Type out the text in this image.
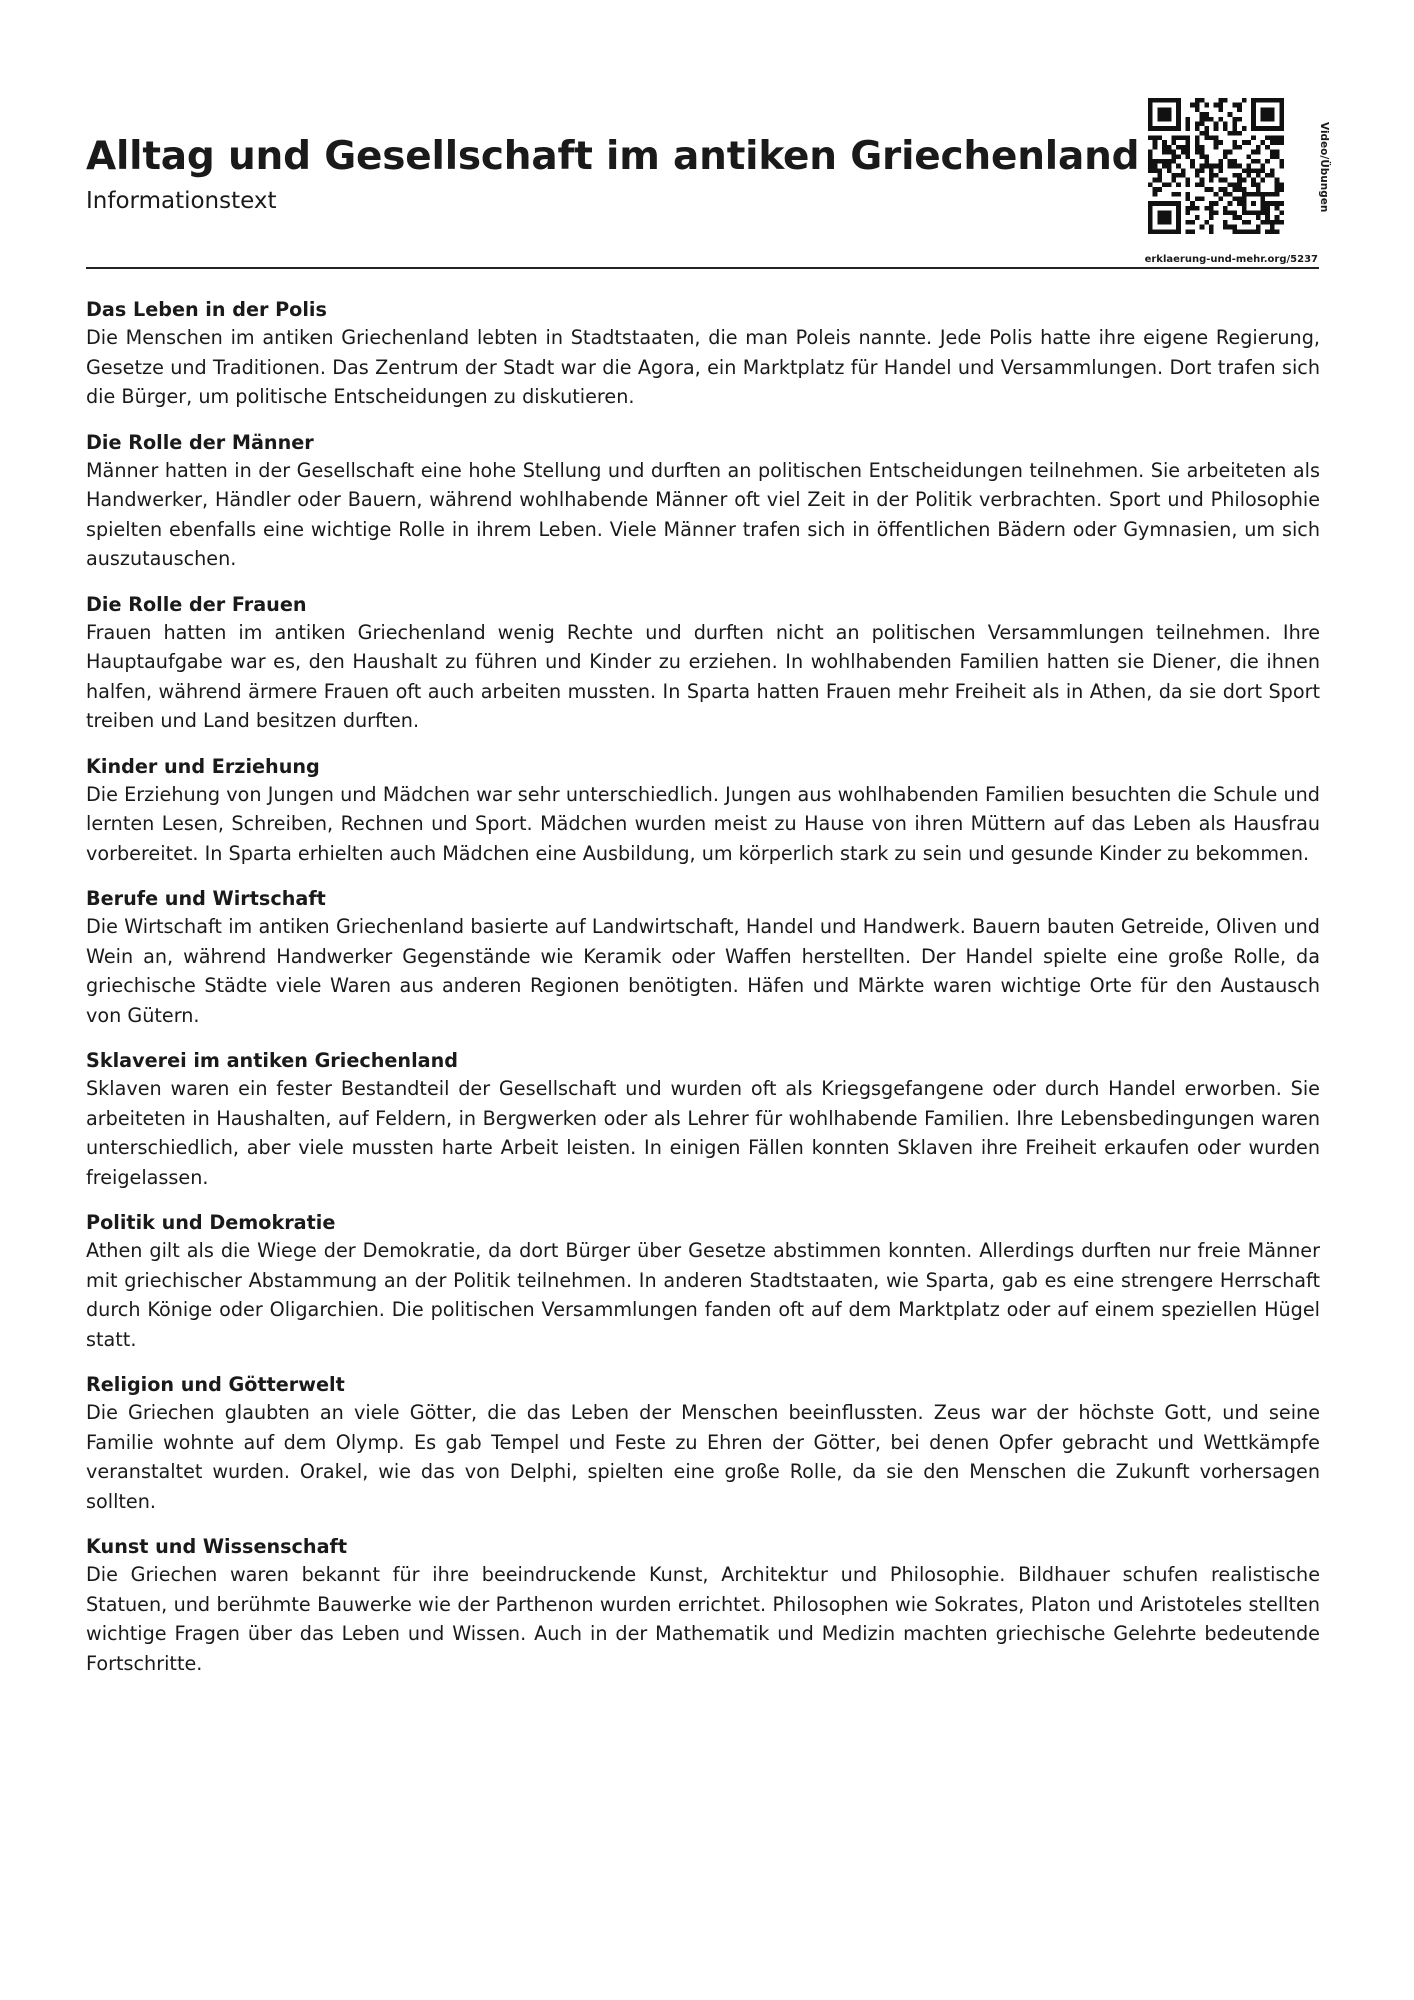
Alltag und Gesellschaft im antiken Griechenland
Informationstext
erklaerung-und-mehr.org/5237
Video/Übungen
Das Leben in der Polis

Die Menschen im antiken Griechenland lebten in Stadtstaaten, die man Poleis nannte. Jede Polis hatte ihre eigene Regierung, Gesetze und Traditionen. Das Zentrum der Stadt war die Agora, ein Marktplatz für Handel und Versammlungen. Dort trafen sich die Bürger, um politische Entscheidungen zu diskutieren.

Die Rolle der Männer

Männer hatten in der Gesellschaft eine hohe Stellung und durften an politischen Entscheidungen teilnehmen. Sie arbeiteten als Handwerker, Händler oder Bauern, während wohlhabende Männer oft viel Zeit in der Politik verbrachten. Sport und Philosophie spielten ebenfalls eine wichtige Rolle in ihrem Leben. Viele Männer trafen sich in öffentlichen Bädern oder Gymnasien, um sich auszutauschen.

Die Rolle der Frauen

Frauen hatten im antiken Griechenland wenig Rechte und durften nicht an politischen Versammlungen teilnehmen. Ihre Hauptaufgabe war es, den Haushalt zu führen und Kinder zu erziehen. In wohlhabenden Familien hatten sie Diener, die ihnen halfen, während ärmere Frauen oft auch arbeiten mussten. In Sparta hatten Frauen mehr Freiheit als in Athen, da sie dort Sport treiben und Land besitzen durften.

Kinder und Erziehung

Die Erziehung von Jungen und Mädchen war sehr unterschiedlich. Jungen aus wohlhabenden Familien besuchten die Schule und lernten Lesen, Schreiben, Rechnen und Sport. Mädchen wurden meist zu Hause von ihren Müttern auf das Leben als Hausfrau vorbereitet. In Sparta erhielten auch Mädchen eine Ausbildung, um körperlich stark zu sein und gesunde Kinder zu bekommen.

Berufe und Wirtschaft

Die Wirtschaft im antiken Griechenland basierte auf Landwirtschaft, Handel und Handwerk. Bauern bauten Getreide, Oliven und Wein an, während Handwerker Gegenstände wie Keramik oder Waffen herstellten. Der Handel spielte eine große Rolle, da griechische Städte viele Waren aus anderen Regionen benötigten. Häfen und Märkte waren wichtige Orte für den Austausch von Gütern.

Sklaverei im antiken Griechenland

Sklaven waren ein fester Bestandteil der Gesellschaft und wurden oft als Kriegsgefangene oder durch Handel erworben. Sie arbeiteten in Haushalten, auf Feldern, in Bergwerken oder als Lehrer für wohlhabende Familien. Ihre Lebensbedingungen waren unterschiedlich, aber viele mussten harte Arbeit leisten. In einigen Fällen konnten Sklaven ihre Freiheit erkaufen oder wurden freigelassen.

Politik und Demokratie

Athen gilt als die Wiege der Demokratie, da dort Bürger über Gesetze abstimmen konnten. Allerdings durften nur freie Männer mit griechischer Abstammung an der Politik teilnehmen. In anderen Stadtstaaten, wie Sparta, gab es eine strengere Herrschaft durch Könige oder Oligarchien. Die politischen Versammlungen fanden oft auf dem Marktplatz oder auf einem speziellen Hügel statt.

Religion und Götterwelt

Die Griechen glaubten an viele Götter, die das Leben der Menschen beeinflussten. Zeus war der höchste Gott, und seine Familie wohnte auf dem Olymp. Es gab Tempel und Feste zu Ehren der Götter, bei denen Opfer gebracht und Wettkämpfe veranstaltet wurden. Orakel, wie das von Delphi, spielten eine große Rolle, da sie den Menschen die Zukunft vorhersagen sollten.

Kunst und Wissenschaft

Die Griechen waren bekannt für ihre beeindruckende Kunst, Architektur und Philosophie. Bildhauer schufen realistische Statuen, und berühmte Bauwerke wie der Parthenon wurden errichtet. Philosophen wie Sokrates, Platon und Aristoteles stellten wichtige Fragen über das Leben und Wissen. Auch in der Mathematik und Medizin machten griechische Gelehrte bedeutende Fortschritte.
